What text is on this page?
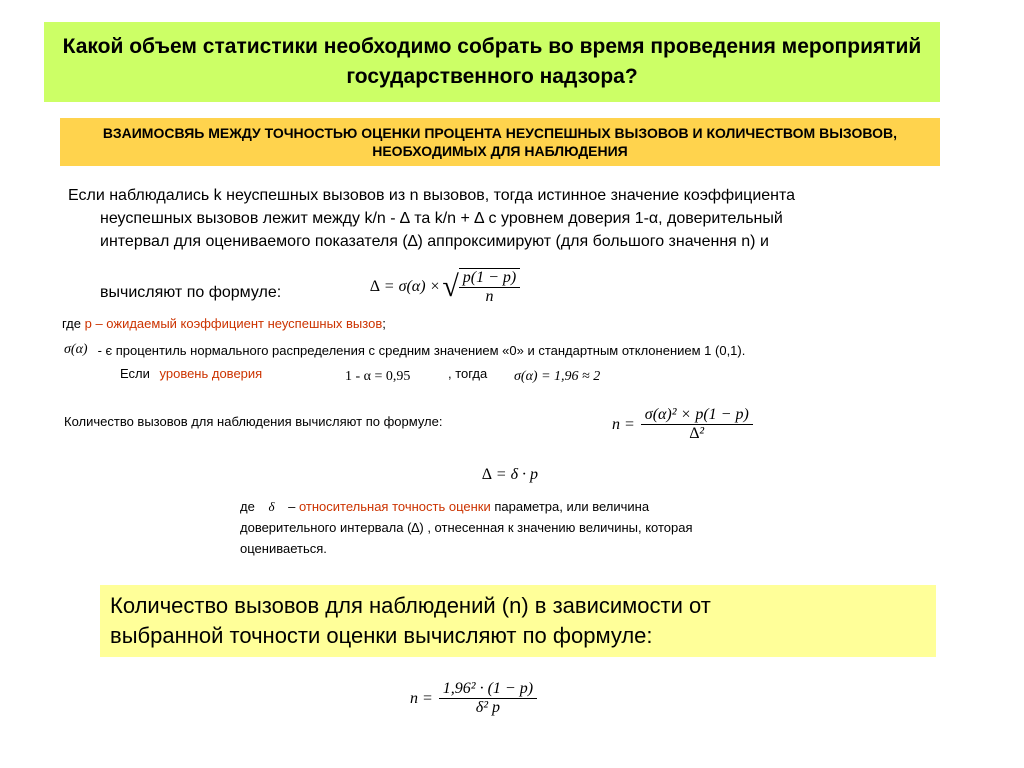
Какой объем статистики необходимо собрать во время проведения мероприятий государственного надзора?
ВЗАИМОСВЯЬ МЕЖДУ ТОЧНОСТЬЮ ОЦЕНКИ ПРОЦЕНТА НЕУСПЕШНЫХ ВЫЗОВОВ И КОЛИЧЕСТВОМ ВЫЗОВОВ, НЕОБХОДИМЫХ ДЛЯ НАБЛЮДЕНИЯ
Если наблюдались k неуспешных вызовов из n вызовов, тогда истинное значение коэффициента
неуспешных вызовов лежит между k/n - ∆ та k/n + ∆ с уровнем доверия 1-α, доверительный
интервал для оцениваемого показателя (∆) аппроксимируют (для большого значення n) и
вычисляют по формуле:	∆ = σ(α) × √ $\frac{p(1 - p)}{n}$
где p – ожидаемый коэффициент неуспешных вызов;
σ(α) - є процентиль нормального распределения с средним значением «0» и стандартным отклонением 1 (0,1).
Если уровень доверия	1 - α = 0,95	, тогда σ(α) = 1,96 ≈ 2
Количество вызовов для наблюдения вычисляют по формуле:	$n = \frac{\text{σ(α)² × p(1 − p)}}{\text{∆²}}$
∆ = δ · p
де δ – относительная точность оценки параметра, или величина
доверительного интервала (∆) , отнесенная к значению величины, которая
оцениваеться.
Количество вызовов для наблюдений (n) в зависимости от
выбранной точности оценки вычисляют по формуле:
$n = \frac{\text{1,96² · (1 − p)}}{\text{δ² p}}$
